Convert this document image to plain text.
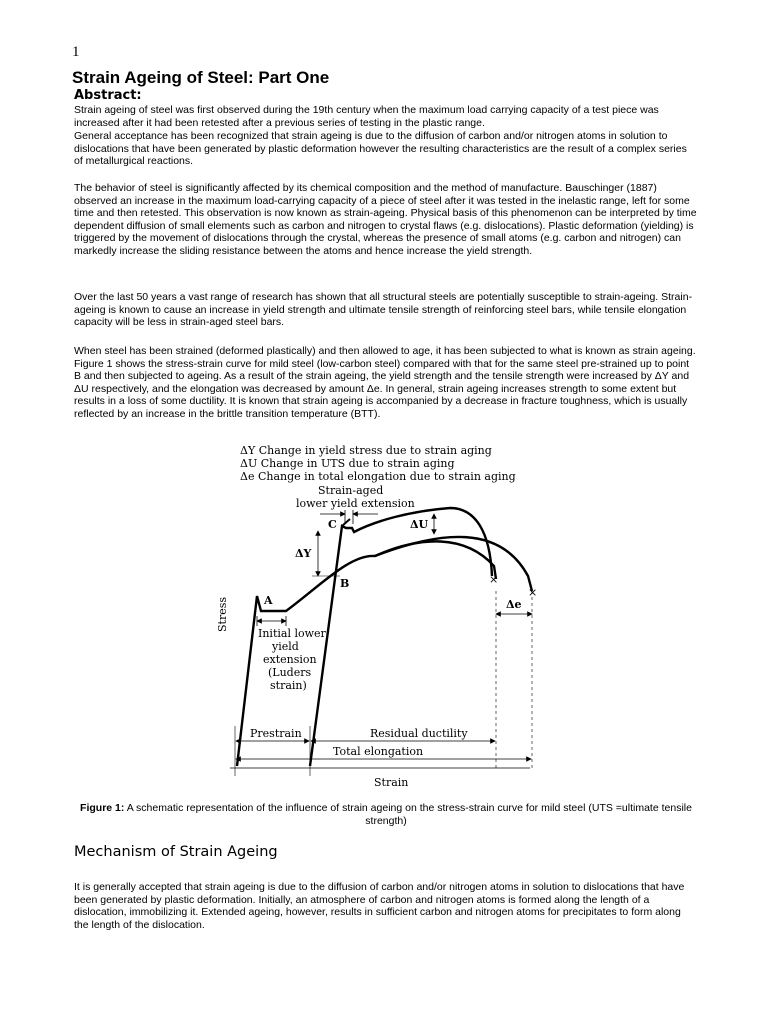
1
Strain Ageing of Steel: Part One
Abstract:

Strain ageing of steel was first observed during the 19th century when the maximum load carrying capacity of a test piece was increased after it had been retested after a previous series of testing in the plastic range.

General acceptance has been recognized that strain ageing is due to the diffusion of carbon and/or nitrogen atoms in solution to dislocations that have been generated by plastic deformation however the resulting characteristics are the result of a complex series of metallurgical reactions.

The behavior of steel is significantly affected by its chemical composition and the method of manufacture. Bauschinger (1887) observed an increase in the maximum load-carrying capacity of a piece of steel after it was tested in the inelastic range, left for some time and then retested. This observation is now known as strain-ageing. Physical basis of this phenomenon can be interpreted by time dependent diffusion of small elements such as carbon and nitrogen to crystal flaws (e.g. dislocations). Plastic deformation (yielding) is triggered by the movement of dislocations through the crystal, whereas the presence of small atoms (e.g. carbon and nitrogen) can markedly increase the sliding resistance between the atoms and hence increase the yield strength.

Over the last 50 years a vast range of research has shown that all structural steels are potentially susceptible to strain-ageing. Strain-ageing is known to cause an increase in yield strength and ultimate tensile strength of reinforcing steel bars, while tensile elongation capacity will be less in strain-aged steel bars.

When steel has been strained (deformed plastically) and then allowed to age, it has been subjected to what is known as strain ageing. Figure 1 shows the stress-strain curve for mild steel (low-carbon steel) compared with that for the same steel pre-strained up to point B and then subjected to ageing. As a result of the strain ageing, the yield strength and the tensile strength were increased by ΔY and ΔU respectively, and the elongation was decreased by amount Δe. In general, strain ageing increases strength to some extent but results in a loss of some ductility. It is known that strain ageing is accompanied by a decrease in fracture toughness, which is usually reflected by an increase in the brittle transition temperature (BTT).

ΔY Change in yield stress due to strain aging
ΔU Change in UTS due to strain aging
Δe Change in total elongation due to strain aging
Strain-aged
lower yield extension
×
×
A
B
C	ΔU
ΔY
Δe
Initial lower
yield
extension
(Luders
strain)
Prestrain	Residual ductility
Total elongation
Strain
Stress

Figure 1: A schematic representation of the influence of strain ageing on the stress-strain curve for mild steel (UTS =ultimate tensile strength)

Mechanism of Strain Ageing

It is generally accepted that strain ageing is due to the diffusion of carbon and/or nitrogen atoms in solution to dislocations that have been generated by plastic deformation. Initially, an atmosphere of carbon and nitrogen atoms is formed along the length of a dislocation, immobilizing it. Extended ageing, however, results in sufficient carbon and nitrogen atoms for precipitates to form along the length of the dislocation.
